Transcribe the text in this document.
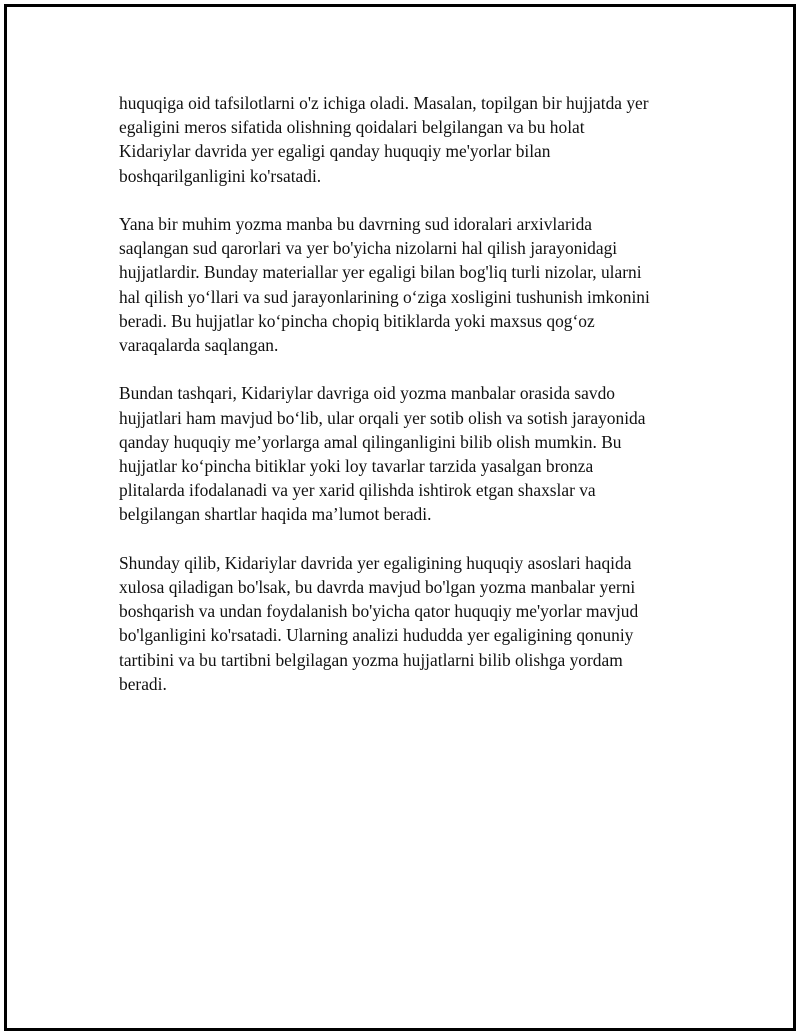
huquqiga oid tafsilotlarni o'z ichiga oladi. Masalan, topilgan bir hujjatda yer
egaligini meros sifatida olishning qoidalari belgilangan va bu holat
Kidariylar davrida yer egaligi qanday huquqiy me'yorlar bilan
boshqarilganligini ko'rsatadi.

Yana bir muhim yozma manba bu davrning sud idoralari arxivlarida
saqlangan sud qarorlari va yer bo'yicha nizolarni hal qilish jarayonidagi
hujjatlardir. Bunday materiallar yer egaligi bilan bog'liq turli nizolar, ularni
hal qilish yo‘llari va sud jarayonlarining o‘ziga xosligini tushunish imkonini
beradi. Bu hujjatlar ko‘pincha chopiq bitiklarda yoki maxsus qog‘oz
varaqalarda saqlangan.

Bundan tashqari, Kidariylar davriga oid yozma manbalar orasida savdo
hujjatlari ham mavjud bo‘lib, ular orqali yer sotib olish va sotish jarayonida
qanday huquqiy me’yorlarga amal qilinganligini bilib olish mumkin. Bu
hujjatlar ko‘pincha bitiklar yoki loy tavarlar tarzida yasalgan bronza
plitalarda ifodalanadi va yer xarid qilishda ishtirok etgan shaxslar va
belgilangan shartlar haqida ma’lumot beradi.

Shunday qilib, Kidariylar davrida yer egaligining huquqiy asoslari haqida
xulosa qiladigan bo'lsak, bu davrda mavjud bo'lgan yozma manbalar yerni
boshqarish va undan foydalanish bo'yicha qator huquqiy me'yorlar mavjud
bo'lganligini ko'rsatadi. Ularning analizi hududda yer egaligining qonuniy
tartibini va bu tartibni belgilagan yozma hujjatlarni bilib olishga yordam
beradi.
